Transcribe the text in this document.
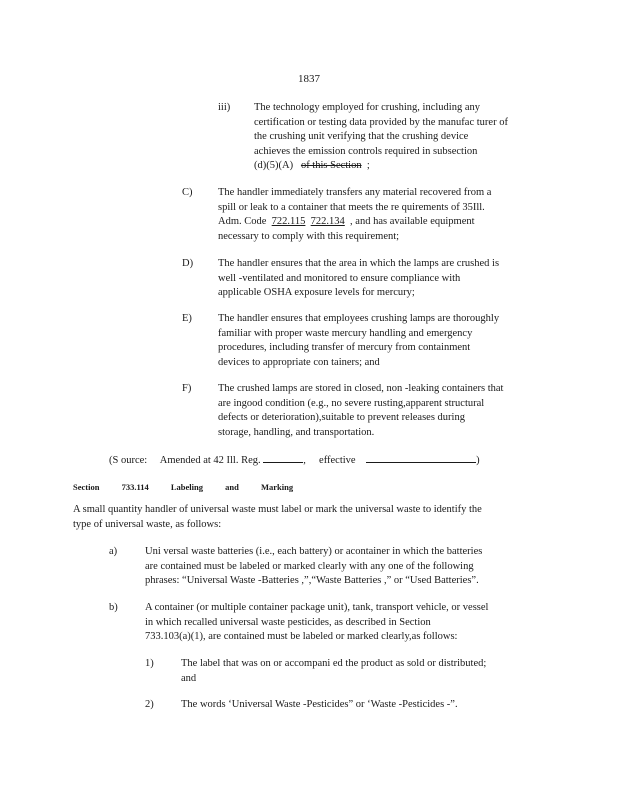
1837
iii) The technology employed for crushing, including any
certification or testing data provided by the manufac turer of
the crushing unit verifying that the crushing device
achieves the emission controls required in subsection
(d)(5)(A) of this Section ;
C) The handler immediately transfers any material recovered from a
spill or leak to a container that meets the re quirements of 35Ill.
Adm. Code 722.115 722.134 , and has available equipment
necessary to comply with this requirement;
D) The handler ensures that the area in which the lamps are crushed is
well -ventilated and monitored to ensure compliance with
applicable OSHA exposure levels for mercury;
E) The handler ensures that employees crushing lamps are thoroughly
familiar with proper waste mercury handling and emergency
procedures, including transfer of mercury from containment
devices to appropriate con tainers; and
F)	The crushed lamps are stored in closed, non -leaking containers that
are ingood condition (e.g., no severe rusting,apparent structural
defects or deterioration),suitable to prevent releases during
storage, handling, and transportation.
(S ource: Amended at 42 Ill. Reg.	,     effective	)
Section	733.114	Labeling	and	Marking
A small quantity handler of universal waste must label or mark the universal waste to identify the
type of universal waste, as follows:
a)	Uni versal waste batteries (i.e., each battery) or acontainer in which the batteries
are contained must be labeled or marked clearly with any one of the following
phrases: “Universal Waste -Batteries ,”,“Waste Batteries ,” or “Used Batteries”.
b)	A container (or multiple container package unit), tank, transport vehicle, or vessel
in which recalled universal waste pesticides, as described in Section
733.103(a)(1), are contained must be labeled or marked clearly,as follows:
1)	The label that was on or accompani ed the product as sold or distributed;
and
2)	The words ‘Universal Waste -Pesticides” or ‘Waste -Pesticides -”.
